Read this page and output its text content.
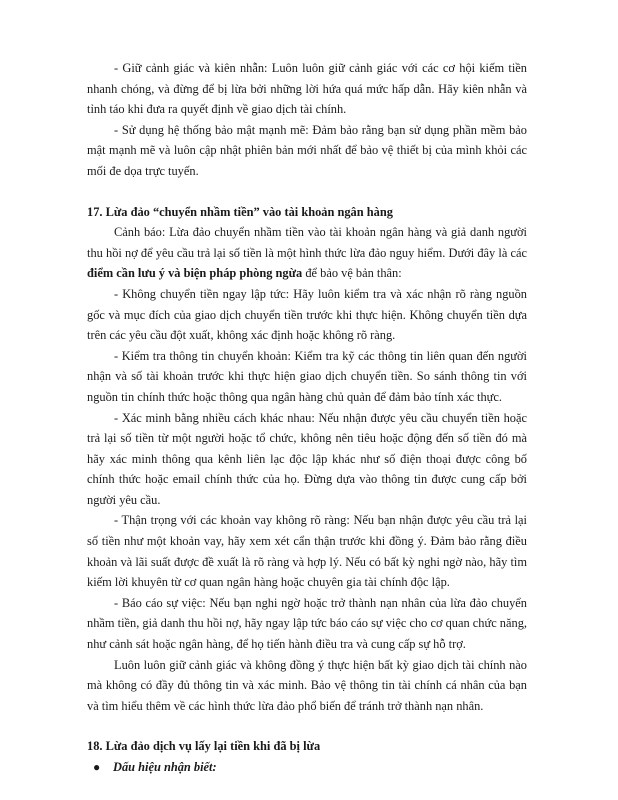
- Giữ cảnh giác và kiên nhẫn: Luôn luôn giữ cảnh giác với các cơ hội kiếm tiền nhanh chóng, và đừng để bị lừa bởi những lời hứa quá mức hấp dẫn. Hãy kiên nhẫn và tỉnh táo khi đưa ra quyết định về giao dịch tài chính.

- Sử dụng hệ thống bảo mật mạnh mẽ: Đảm bảo rằng bạn sử dụng phần mềm bảo mật mạnh mẽ và luôn cập nhật phiên bản mới nhất để bảo vệ thiết bị của mình khỏi các mối đe dọa trực tuyến.

17. Lừa đảo “chuyển nhầm tiền” vào tài khoản ngân hàng

Cảnh báo: Lừa đảo chuyển nhầm tiền vào tài khoản ngân hàng và giả danh người thu hồi nợ để yêu cầu trả lại số tiền là một hình thức lừa đảo nguy hiểm. Dưới đây là các điểm cần lưu ý và biện pháp phòng ngừa để bảo vệ bản thân:

- Không chuyển tiền ngay lập tức: Hãy luôn kiểm tra và xác nhận rõ ràng nguồn gốc và mục đích của giao dịch chuyển tiền trước khi thực hiện. Không chuyển tiền dựa trên các yêu cầu đột xuất, không xác định hoặc không rõ ràng.

- Kiểm tra thông tin chuyển khoản: Kiểm tra kỹ các thông tin liên quan đến người nhận và số tài khoản trước khi thực hiện giao dịch chuyển tiền. So sánh thông tin với nguồn tin chính thức hoặc thông qua ngân hàng chủ quản để đảm bảo tính xác thực.

- Xác minh bằng nhiều cách khác nhau: Nếu nhận được yêu cầu chuyển tiền hoặc trả lại số tiền từ một người hoặc tổ chức, không nên tiêu hoặc động đến số tiền đó mà hãy xác minh thông qua kênh liên lạc độc lập khác như số điện thoại được công bố chính thức hoặc email chính thức của họ. Đừng dựa vào thông tin được cung cấp bởi người yêu cầu.

- Thận trọng với các khoản vay không rõ ràng: Nếu bạn nhận được yêu cầu trả lại số tiền như một khoản vay, hãy xem xét cẩn thận trước khi đồng ý. Đảm bảo rằng điều khoản và lãi suất được đề xuất là rõ ràng và hợp lý. Nếu có bất kỳ nghi ngờ nào, hãy tìm kiếm lời khuyên từ cơ quan ngân hàng hoặc chuyên gia tài chính độc lập.

- Báo cáo sự việc: Nếu bạn nghi ngờ hoặc trở thành nạn nhân của lừa đảo chuyển nhầm tiền, giả danh thu hồi nợ, hãy ngay lập tức báo cáo sự việc cho cơ quan chức năng, như cảnh sát hoặc ngân hàng, để họ tiến hành điều tra và cung cấp sự hỗ trợ.

Luôn luôn giữ cảnh giác và không đồng ý thực hiện bất kỳ giao dịch tài chính nào mà không có đầy đủ thông tin và xác minh. Bảo vệ thông tin tài chính cá nhân của bạn và tìm hiểu thêm về các hình thức lừa đảo phổ biến để tránh trở thành nạn nhân.

18. Lừa đảo dịch vụ lấy lại tiền khi đã bị lừa

●	Dấu hiệu nhận biết:
